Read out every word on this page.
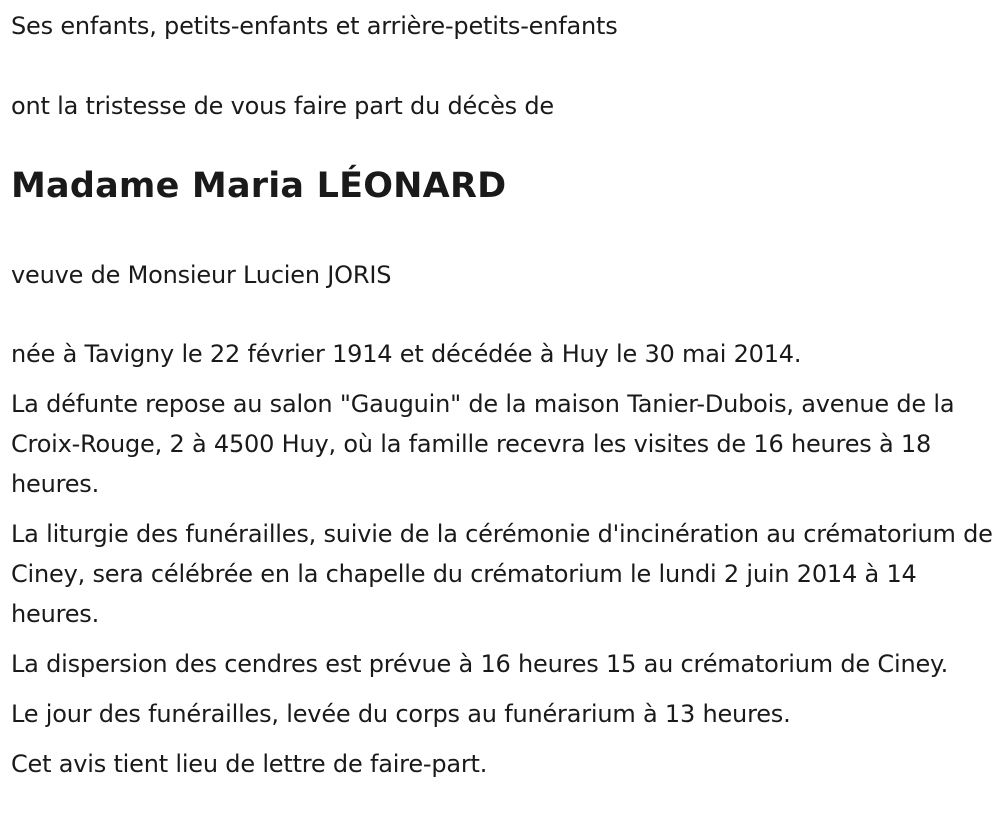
Ses enfants, petits-enfants et arrière-petits-enfants

ont la tristesse de vous faire part du décès de

Madame Maria LÉONARD

veuve de Monsieur Lucien JORIS

née à Tavigny le 22 février 1914 et décédée à Huy le 30 mai 2014.

La défunte repose au salon "Gauguin" de la maison Tanier-Dubois, avenue de la Croix-Rouge, 2 à 4500 Huy, où la famille recevra les visites de 16 heures à 18 heures.

La liturgie des funérailles, suivie de la cérémonie d'incinération au crématorium de Ciney, sera célébrée en la chapelle du crématorium le lundi 2 juin 2014 à 14 heures.

La dispersion des cendres est prévue à 16 heures 15 au crématorium de Ciney.

Le jour des funérailles, levée du corps au funérarium à 13 heures.

Cet avis tient lieu de lettre de faire-part.
